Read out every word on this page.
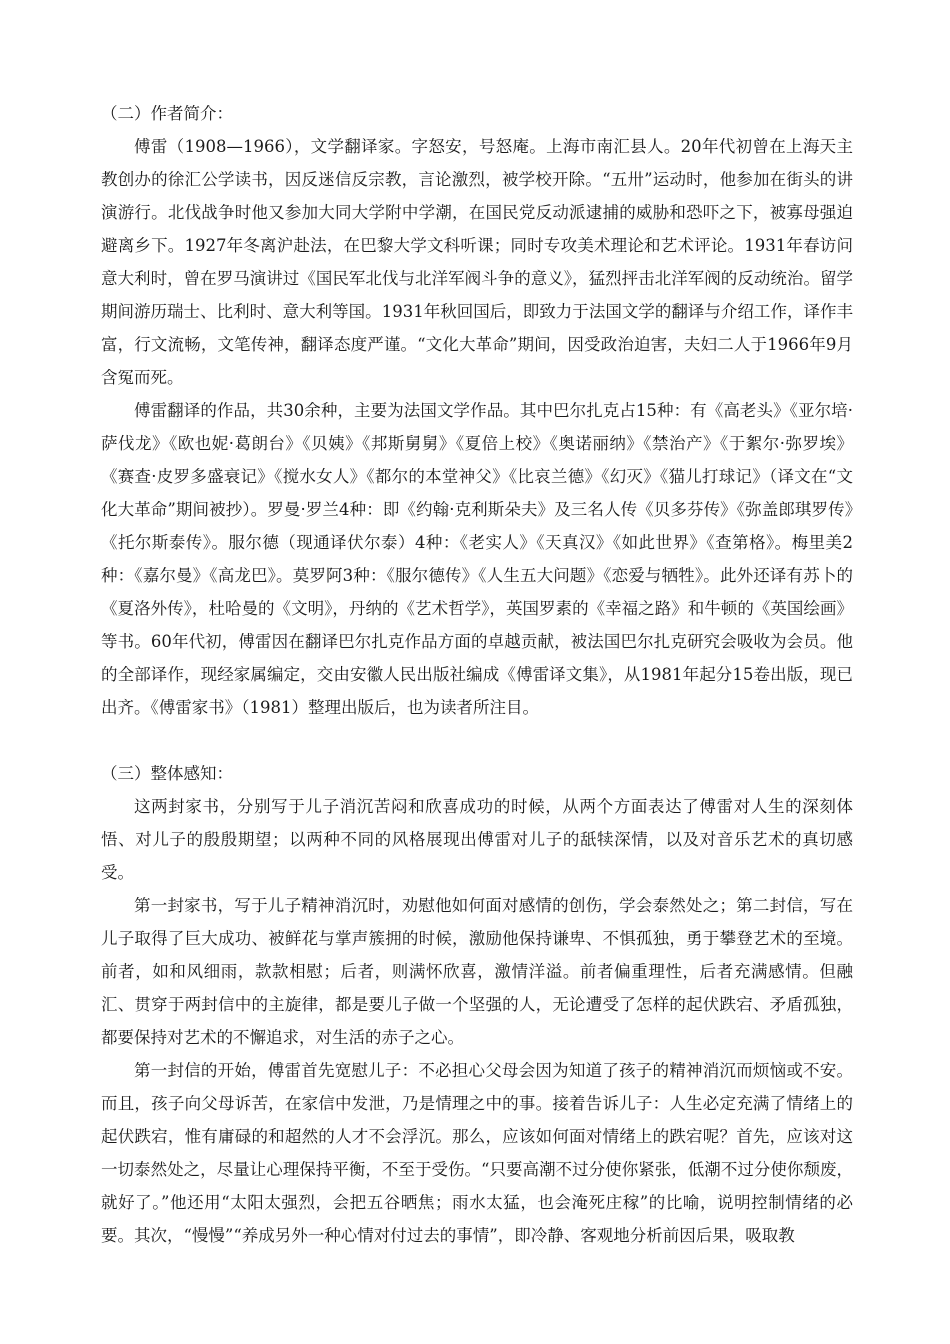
（二）作者简介：

傅雷（1908—1966），文学翻译家。字怒安，号怒庵。上海市南汇县人。20年代初曾在上海天主教创办的徐汇公学读书，因反迷信反宗教，言论激烈，被学校开除。“五卅”运动时，他参加在街头的讲演游行。北伐战争时他又参加大同大学附中学潮，在国民党反动派逮捕的威胁和恐吓之下，被寡母强迫避离乡下。1927年冬离沪赴法，在巴黎大学文科听课；同时专攻美术理论和艺术评论。1931年春访问意大利时，曾在罗马演讲过《国民军北伐与北洋军阀斗争的意义》，猛烈抨击北洋军阀的反动统治。留学期间游历瑞士、比利时、意大利等国。1931年秋回国后，即致力于法国文学的翻译与介绍工作，译作丰富，行文流畅，文笔传神，翻译态度严谨。“文化大革命”期间，因受政治迫害，夫妇二人于1966年9月含冤而死。

傅雷翻译的作品，共30余种，主要为法国文学作品。其中巴尔扎克占15种：有《高老头》《亚尔培·萨伐龙》《欧也妮·葛朗台》《贝姨》《邦斯舅舅》《夏倍上校》《奥诺丽纳》《禁治产》《于絮尔·弥罗埃》《赛查·皮罗多盛衰记》《搅水女人》《都尔的本堂神父》《比哀兰德》《幻灭》《猫儿打球记》（译文在“文化大革命”期间被抄）。罗曼·罗兰4种：即《约翰·克利斯朵夫》及三名人传《贝多芬传》《弥盖郎琪罗传》《托尔斯泰传》。服尔德（现通译伏尔泰）4种：《老实人》《天真汉》《如此世界》《查第格》。梅里美2种：《嘉尔曼》《高龙巴》。莫罗阿3种：《服尔德传》《人生五大问题》《恋爱与牺牲》。此外还译有苏卜的《夏洛外传》，杜哈曼的《文明》，丹纳的《艺术哲学》，英国罗素的《幸福之路》和牛顿的《英国绘画》等书。60年代初，傅雷因在翻译巴尔扎克作品方面的卓越贡献，被法国巴尔扎克研究会吸收为会员。他的全部译作，现经家属编定，交由安徽人民出版社编成《傅雷译文集》，从1981年起分15卷出版，现已出齐。《傅雷家书》（1981）整理出版后，也为读者所注目。

（三）整体感知：

这两封家书，分别写于儿子消沉苦闷和欣喜成功的时候，从两个方面表达了傅雷对人生的深刻体悟、对儿子的殷殷期望；以两种不同的风格展现出傅雷对儿子的舐犊深情，以及对音乐艺术的真切感受。

第一封家书，写于儿子精神消沉时，劝慰他如何面对感情的创伤，学会泰然处之；第二封信，写在儿子取得了巨大成功、被鲜花与掌声簇拥的时候，激励他保持谦卑、不惧孤独，勇于攀登艺术的至境。前者，如和风细雨，款款相慰；后者，则满怀欣喜，激情洋溢。前者偏重理性，后者充满感情。但融汇、贯穿于两封信中的主旋律，都是要儿子做一个坚强的人，无论遭受了怎样的起伏跌宕、矛盾孤独，都要保持对艺术的不懈追求，对生活的赤子之心。

第一封信的开始，傅雷首先宽慰儿子：不必担心父母会因为知道了孩子的精神消沉而烦恼或不安。而且，孩子向父母诉苦，在家信中发泄，乃是情理之中的事。接着告诉儿子：人生必定充满了情绪上的起伏跌宕，惟有庸碌的和超然的人才不会浮沉。那么，应该如何面对情绪上的跌宕呢？首先，应该对这一切泰然处之，尽量让心理保持平衡，不至于受伤。“只要高潮不过分使你紧张，低潮不过分使你颓废，就好了。”他还用“太阳太强烈，会把五谷晒焦；雨水太猛，也会淹死庄稼”的比喻，说明控制情绪的必要。其次，“慢慢”“养成另外一种心情对付过去的事情”，即冷静、客观地分析前因后果，吸取教
